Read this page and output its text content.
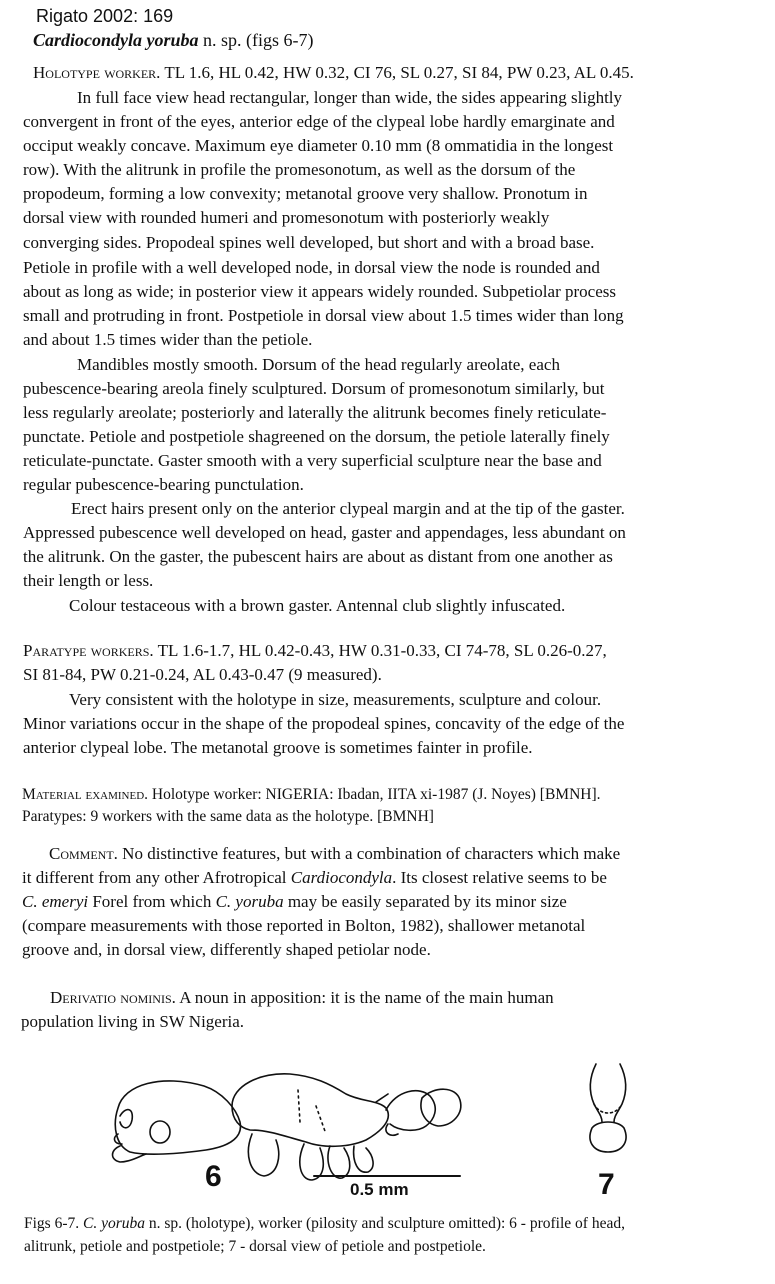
Rigato 2002: 169
Cardiocondyla yoruba n. sp. (figs 6-7)
Holotype worker. TL 1.6, HL 0.42, HW 0.32, CI 76, SL 0.27, SI 84, PW 0.23, AL 0.45.
In full face view head rectangular, longer than wide, the sides appearing slightly
convergent in front of the eyes, anterior edge of the clypeal lobe hardly emarginate and
occiput weakly concave. Maximum eye diameter 0.10 mm (8 ommatidia in the longest
row). With the alitrunk in profile the promesonotum, as well as the dorsum of the
propodeum, forming a low convexity; metanotal groove very shallow. Pronotum in
dorsal view with rounded humeri and promesonotum with posteriorly weakly
converging sides. Propodeal spines well developed, but short and with a broad base.
Petiole in profile with a well developed node, in dorsal view the node is rounded and
about as long as wide; in posterior view it appears widely rounded. Subpetiolar process
small and protruding in front. Postpetiole in dorsal view about 1.5 times wider than long
and about 1.5 times wider than the petiole.
Mandibles mostly smooth. Dorsum of the head regularly areolate, each
pubescence-bearing areola finely sculptured. Dorsum of promesonotum similarly, but
less regularly areolate; posteriorly and laterally the alitrunk becomes finely reticulate-
punctate. Petiole and postpetiole shagreened on the dorsum, the petiole laterally finely
reticulate-punctate. Gaster smooth with a very superficial sculpture near the base and
regular pubescence-bearing punctulation.
Erect hairs present only on the anterior clypeal margin and at the tip of the gaster.
Appressed pubescence well developed on head, gaster and appendages, less abundant on
the alitrunk. On the gaster, the pubescent hairs are about as distant from one another as
their length or less.
Colour testaceous with a brown gaster. Antennal club slightly infuscated.
Paratype workers. TL 1.6-1.7, HL 0.42-0.43, HW 0.31-0.33, CI 74-78, SL 0.26-0.27,
SI 81-84, PW 0.21-0.24, AL 0.43-0.47 (9 measured).
Very consistent with the holotype in size, measurements, sculpture and colour.
Minor variations occur in the shape of the propodeal spines, concavity of the edge of the
anterior clypeal lobe. The metanotal groove is sometimes fainter in profile.
Material examined. Holotype worker: NIGERIA: Ibadan, IITA xi-1987 (J. Noyes) [BMNH].
Paratypes: 9 workers with the same data as the holotype. [BMNH]
Comment. No distinctive features, but with a combination of characters which make
it different from any other Afrotropical Cardiocondyla. Its closest relative seems to be
C. emeryi Forel from which C. yoruba may be easily separated by its minor size
(compare measurements with those reported in Bolton, 1982), shallower metanotal
groove and, in dorsal view, differently shaped petiolar node.
Derivatio nominis. A noun in apposition: it is the name of the main human
population living in SW Nigeria.
6	0.5 mm	7
Figs 6-7. C. yoruba n. sp. (holotype), worker (pilosity and sculpture omitted): 6 - profile of head,
alitrunk, petiole and postpetiole; 7 - dorsal view of petiole and postpetiole.
